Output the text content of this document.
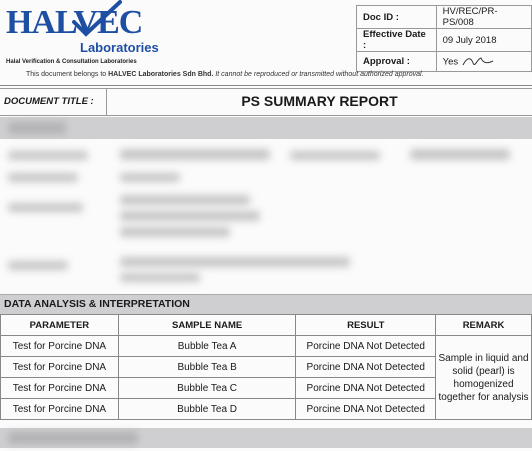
HALVEC
Laboratories
Halal Verification & Consultation Laboratories
Doc ID :	HV/REC/PR-PS/008
Effective Date :	09 July 2018
Approval :	Yes
This document belongs to HALVEC Laboratories Sdn Bhd. It cannot be reproduced or transmitted without authorized approval.
DOCUMENT TITLE :	PS SUMMARY REPORT
DATA ANALYSIS & INTERPRETATION
PARAMETER	SAMPLE NAME	RESULT	REMARK
Test for Porcine DNA	Bubble Tea A	Porcine DNA Not Detected	Sample in liquid and solid (pearl) is homogenized together for analysis
Test for Porcine DNA	Bubble Tea B	Porcine DNA Not Detected	
Test for Porcine DNA	Bubble Tea C	Porcine DNA Not Detected	
Test for Porcine DNA	Bubble Tea D	Porcine DNA Not Detected	
